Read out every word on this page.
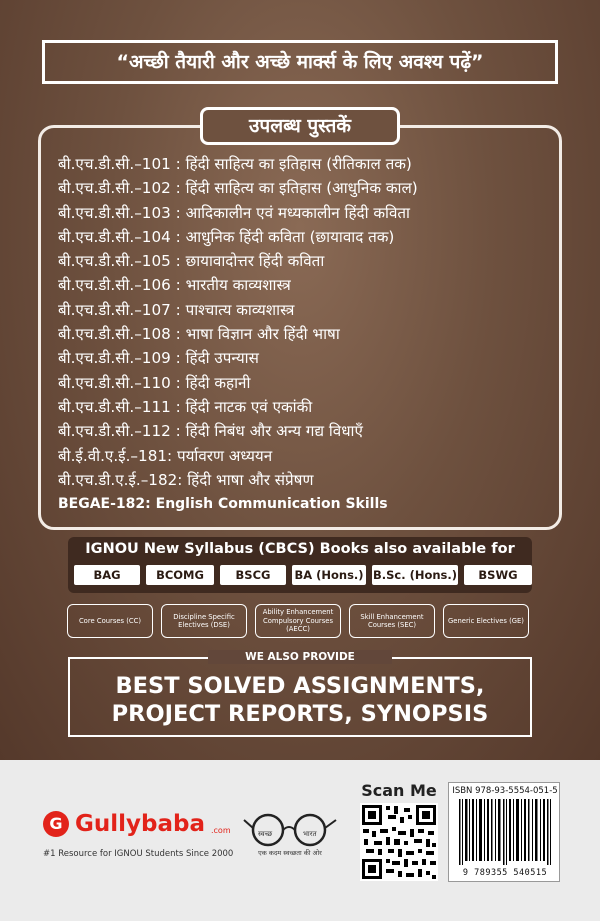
“अच्छी तैयारी और अच्छे मार्क्स के लिए अवश्य पढ़ें”
उपलब्ध पुस्तकें
बी.एच.डी.सी.–101 : हिंदी साहित्य का इतिहास (रीतिकाल तक)
बी.एच.डी.सी.–102 : हिंदी साहित्य का इतिहास (आधुनिक काल)
बी.एच.डी.सी.–103 : आदिकालीन एवं मध्यकालीन हिंदी कविता
बी.एच.डी.सी.–104 : आधुनिक हिंदी कविता (छायावाद तक)
बी.एच.डी.सी.–105 : छायावादोत्तर हिंदी कविता
बी.एच.डी.सी.–106 : भारतीय काव्यशास्त्र
बी.एच.डी.सी.–107 : पाश्चात्य काव्यशास्त्र
बी.एच.डी.सी.–108 : भाषा विज्ञान और हिंदी भाषा
बी.एच.डी.सी.–109 : हिंदी उपन्यास
बी.एच.डी.सी.–110 : हिंदी कहानी
बी.एच.डी.सी.–111 : हिंदी नाटक एवं एकांकी
बी.एच.डी.सी.–112 : हिंदी निबंध और अन्य गद्य विधाएँ
बी.ई.वी.ए.ई.–181: पर्यावरण अध्ययन
बी.एच.डी.ए.ई.–182: हिंदी भाषा और संप्रेषण
BEGAE-182: English Communication Skills
IGNOU New Syllabus (CBCS) Books also available for
BAG	BCOMG	BSCG	BA (Hons.) B.Sc. (Hons.)	BSWG
Core Courses (CC)
Discipline Specific Electives (DSE)
Ability Enhancement Compulsory Courses (AECC)
Skill Enhancement Courses (SEC)
Generic Electives (GE)
WE ALSO PROVIDE
BEST SOLVED ASSIGNMENTS,
PROJECT REPORTS, SYNOPSIS
G Gullybaba .com
#1 Resource for IGNOU Students Since 2000
स्वच्छ	भारत
एक कदम स्वच्छता की ओर
Scan Me	ISBN 978-93-5554-051-5
9 789355 540515
